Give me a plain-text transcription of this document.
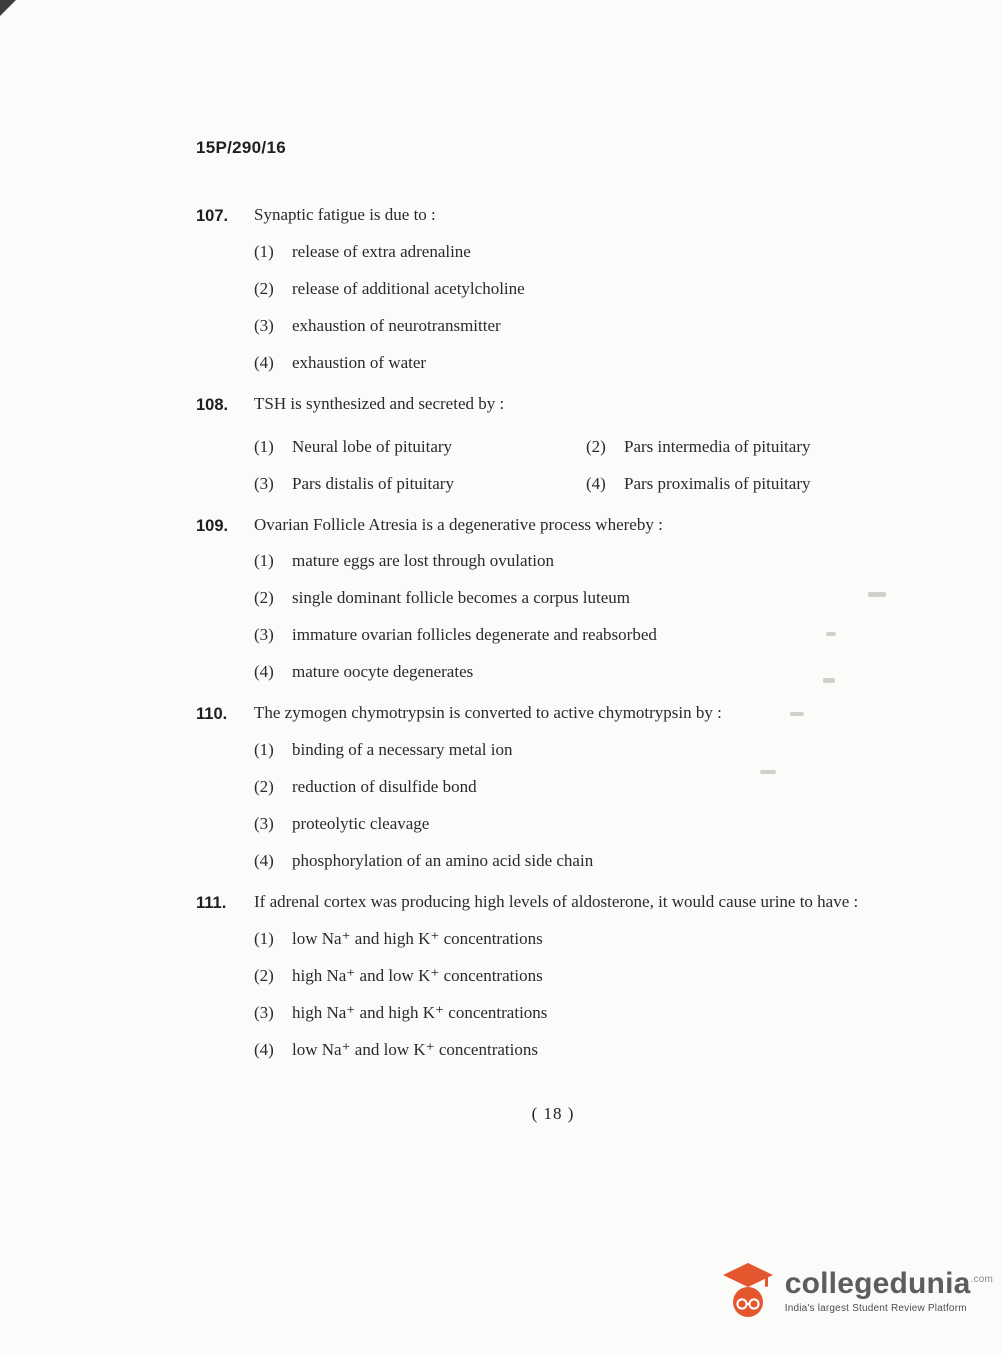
15P/290/16
107.	Synaptic fatigue is due to :
(1)	release of extra adrenaline
(2)	release of additional acetylcholine
(3)	exhaustion of neurotransmitter
(4)	exhaustion of water
108.	TSH is synthesized and secreted by :
(1)	Neural lobe of pituitary	(2)	Pars intermedia of pituitary
(3)	Pars distalis of pituitary	(4)	Pars proximalis of pituitary
109.	Ovarian Follicle Atresia is a degenerative process whereby :
(1)	mature eggs are lost through ovulation
(2)	single dominant follicle becomes a corpus luteum
(3)	immature ovarian follicles degenerate and reabsorbed
(4)	mature oocyte degenerates
110.	The zymogen chymotrypsin is converted to active chymotrypsin by :
(1)	binding of a necessary metal ion
(2)	reduction of disulfide bond
(3)	proteolytic cleavage
(4)	phosphorylation of an amino acid side chain
111.	If adrenal cortex was producing high levels of aldosterone, it would cause urine to have :
(1)	low Na⁺ and high K⁺ concentrations
(2)	high Na⁺ and low K⁺ concentrations
(3)	high Na⁺ and high K⁺ concentrations
(4)	low Na⁺ and low K⁺ concentrations
( 18 )
collegedunia$^{.com}$
India's largest Student Review Platform
